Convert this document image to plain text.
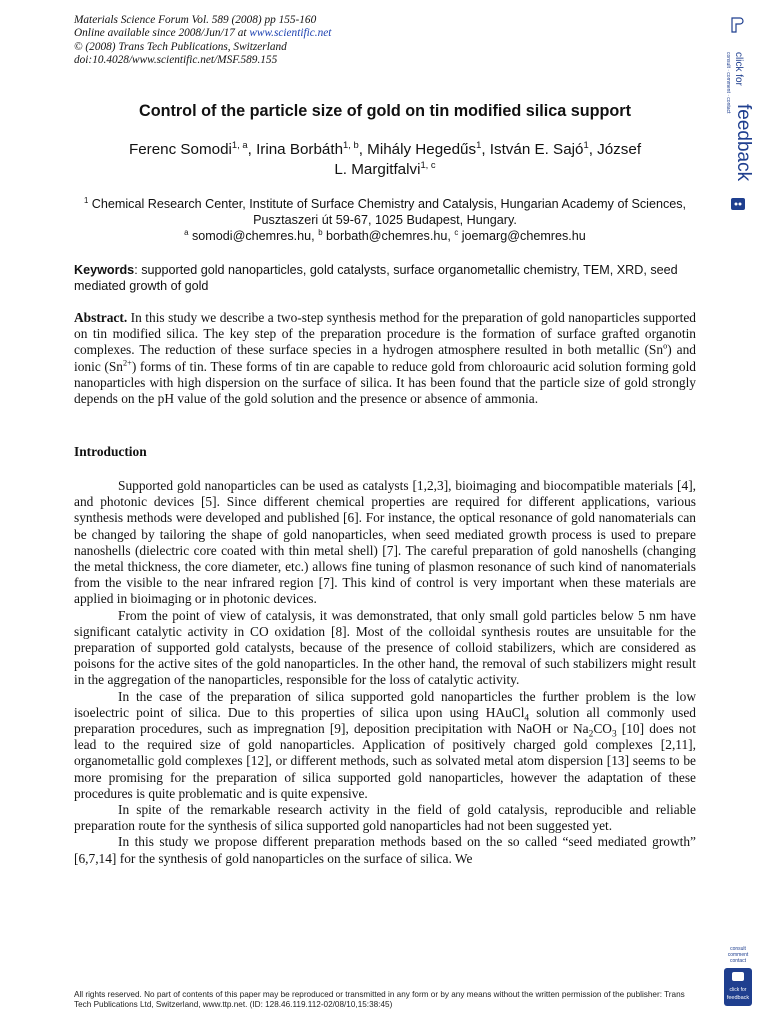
Materials Science Forum Vol. 589 (2008) pp 155-160
Online available since 2008/Jun/17 at www.scientific.net
© (2008) Trans Tech Publications, Switzerland
doi:10.4028/www.scientific.net/MSF.589.155
Control of the particle size of gold on tin modified silica support
Ferenc Somodi$^{1, a}$, Irina Borbáth$^{1, b}$, Mihály Hegedűs$^1$, István E. Sajó$^1$, József
L. Margitfalvi$^{1, c}$
$^1$ Chemical Research Center, Institute of Surface Chemistry and Catalysis, Hungarian Academy of Sciences, Pusztaszeri út 59-67, 1025 Budapest, Hungary.
$^a$ somodi@chemres.hu, $^b$ borbath@chemres.hu, $^c$ joemarg@chemres.hu
Keywords: supported gold nanoparticles, gold catalysts, surface organometallic chemistry, TEM, XRD, seed mediated growth of gold
Abstract. In this study we describe a two-step synthesis method for the preparation of gold nanoparticles supported on tin modified silica. The key step of the preparation procedure is the formation of surface grafted organotin complexes. The reduction of these surface species in a hydrogen atmosphere resulted in both metallic (Sn$^o$) and ionic $(Sn^{2+})$ forms of tin. These forms of tin are capable to reduce gold from chloroauric acid solution forming gold nanoparticles with high dispersion on the surface of silica. It has been found that the particle size of gold strongly depends on the pH value of the gold solution and the presence or absence of ammonia.
Introduction

Supported gold nanoparticles can be used as catalysts [1,2,3], bioimaging and biocompatible materials [4], and photonic devices [5]. Since different chemical properties are required for different applications, various synthesis methods were developed and published [6]. For instance, the optical resonance of gold nanomaterials can be changed by tailoring the shape of gold nanoparticles, when seed mediated growth process is used to prepare nanoshells (dielectric core coated with thin metal shell) [7]. The careful preparation of gold nanoshells (changing the metal thickness, the core diameter, etc.) allows fine tuning of plasmon resonance of such kind of nanomaterials from the visible to the near infrared region [7]. This kind of control is very important when these materials are applied in bioimaging or in photonic devices.

From the point of view of catalysis, it was demonstrated, that only small gold particles below 5 nm have significant catalytic activity in CO oxidation [8]. Most of the colloidal synthesis routes are unsuitable for the preparation of supported gold catalysts, because of the presence of colloid stabilizers, which are considered as poisons for the active sites of the gold nanoparticles. In the other hand, the removal of such stabilizers might result in the aggregation of the nanoparticles, responsible for the loss of catalytic activity.

In the case of the preparation of silica supported gold nanoparticles the further problem is the low isoelectric point of silica. Due to this properties of silica upon using HAuCl$_4$ solution all commonly used preparation procedures, such as impregnation [9], deposition precipitation with NaOH or $Na_2CO_3$ [10] does not lead to the required size of gold nanoparticles. Application of positively charged gold complexes [2,11], organometallic gold complexes [12], or different methods, such as solvated metal atom dispersion [13] seems to be more promising for the preparation of silica supported gold nanoparticles, however the adaptation of these procedures is quite problematic and is quite expensive.

In spite of the remarkable research activity in the field of gold catalysis, reproducible and reliable preparation route for the synthesis of silica supported gold nanoparticles had not been suggested yet.

In this study we propose different preparation methods based on the so called “seed mediated growth” [6,7,14] for the synthesis of gold nanoparticles on the surface of silica. We

All rights reserved. No part of contents of this paper may be reproduced or transmitted in any form or by any means without the written permission of the publisher: Trans Tech Publications Ltd, Switzerland, www.ttp.net. (ID: 128.46.119.112-02/08/10,15:38:45)
click for
consult · comment · contact
feedback
consult
comment
contact
click for
feedback
